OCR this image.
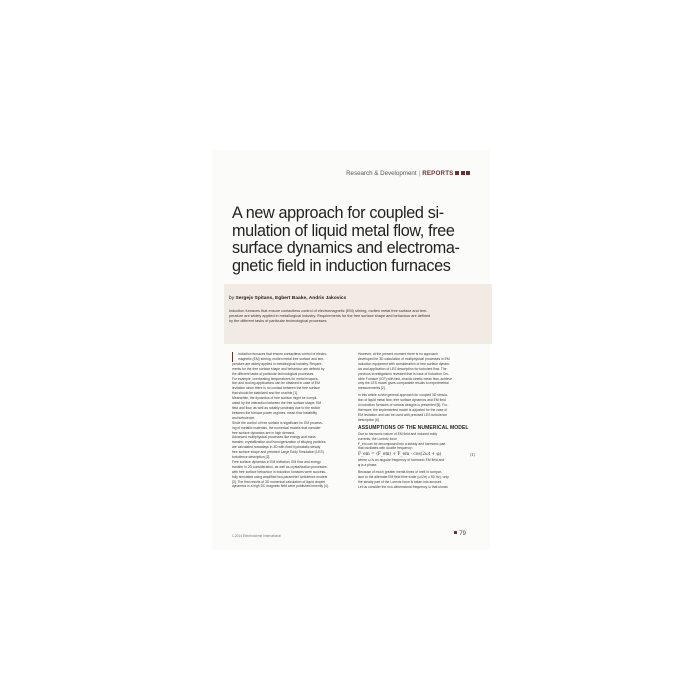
Research & Development | REPORTS
A new approach for coupled si-
mulation of liquid metal flow, free
surface dynamics and electroma-
gnetic field in induction furnaces
by Sergejs Spitans, Egbert Baake, Andris Jakovics
Induction furnaces that ensure contactless control of electromagnetic (EM) stirring, molten metal free surface and tem-
perature are widely applied in metallurgical industry. Requirements for the free surface shape and behaviour are defined
by the different tasks of particular technological processes.
Induction furnaces that ensure contactless control of electro-
magnetic (EM) stirring, molten metal free surface and tem-
perature are widely applied in metallurgical industry. Require-
ments for the free surface shape and behaviour are defined by
the different tasks of particular technological processes.
For example, overheating temperatures for metal evapora-
tion and cooling applications can be obtained in case of EM
levitation since there is no contact between the free surface
that should be stabilized and the crucible [1].
Meanwhile, the dynamics of free surface might be compli-
cated by the interaction between the free surface shape, EM
field and flow, as well as notably unsteady due to the switch
between the furnace power regimes, mean flow instability
and turbulence.
Since the control of free surface is significant for EM process-
ing of metallic materials, the numerical models that consider
free surface dynamics are in high demand.
Advanced multiphysical processes like energy and mass
transfer, crystallization and homogenization of alloying particles
are calculated nowadays in 3D with fixed hydrostatic steady
free surface shape and precised Large Eddy Simulation (LES)
turbulence description [2].
Free surface dynamics in EM levitation, EM flow and energy
transfer in 2D consideration, as well as crystallization processes
with free surface behaviour in induction furnaces were success-
fully simulated using amplified two-parameter turbulence models
[3]. The first results of 3D numerical calculation of liquid droplet
dynamics in a high DC magnetic field were published recently [4].
However, at the present moment there is no approach
developed for 3D calculation of multiphysical processes in EM
induction equipment with consideration of free surface dynam-
ics and application of LES description for turbulent flow. The
previous investigations revealed that in case of Induction Cru-
cible Furnace (ICF) with fast, chaotic kinetic mean flow, achieve
only the LES model gives comparable results to experimental
measurements [2].
In this article a new general approach for coupled 3D simula-
tion of liquid metal flow, free surface dynamics and EM field
in induction furnaces of various designs is presented [5]. Fur-
thermore, the implemented model is adjusted for the case of
EM levitation and can be used with precised LES turbulence
description [6].
ASSUMPTIONS OF THE NUMERICAL MODEL
Due to harmonic nature of EM field and induced eddy
currents, the Lorentz force
F_em can be decomposed into a steady and harmonic part
that oscillates with double frequency:
F_em = ⟨F_em⟩ + F̃_em · cos(2ωt + φ)	(1)
where ω is an angular frequency of harmonic EM field and
φ is a phase.
Because of much greater inertia times of melt in compar-
ison to the alternate EM field time scale (ω/2π) ≥ 50 Hz), only
the steady part of the Lorentz force is taken into account.
Let us consider the non-dimensional frequency ω that shows
1-2014 Elektrowärme International	79
